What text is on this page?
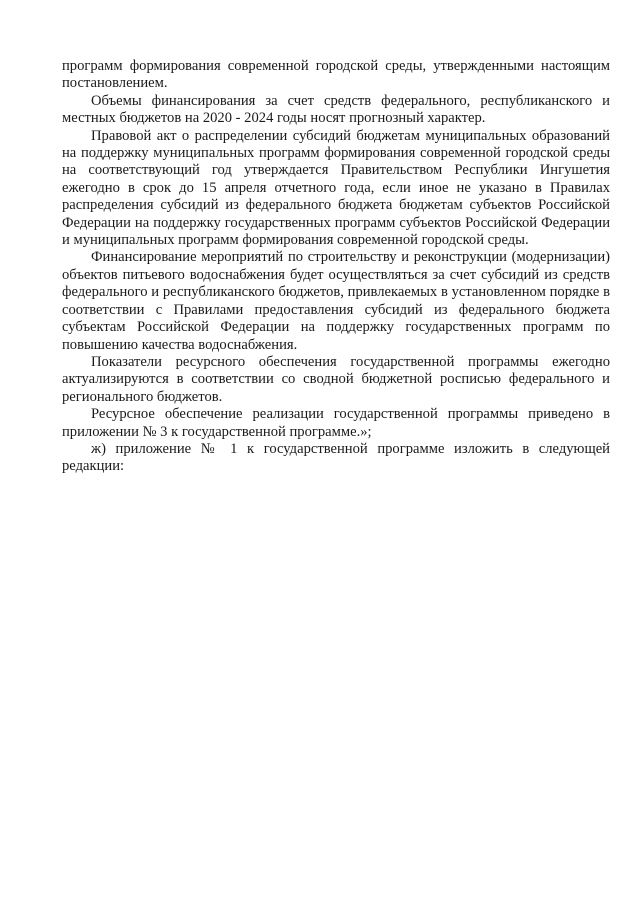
программ формирования современной городской среды, утвержденными настоящим постановлением.

Объемы финансирования за счет средств федерального, республиканского и местных бюджетов на 2020 - 2024 годы носят прогнозный характер.

Правовой акт о распределении субсидий бюджетам муниципальных образований на поддержку муниципальных программ формирования современной городской среды на соответствующий год утверждается Правительством Республики Ингушетия ежегодно в срок до 15 апреля отчетного года, если иное не указано в Правилах распределения субсидий из федерального бюджета бюджетам субъектов Российской Федерации на поддержку государственных программ субъектов Российской Федерации и муниципальных программ формирования современной городской среды.

Финансирование мероприятий по строительству и реконструкции (модернизации) объектов питьевого водоснабжения будет осуществляться за счет субсидий из средств федерального и республиканского бюджетов, привлекаемых в установленном порядке в соответствии с Правилами предоставления субсидий из федерального бюджета субъектам Российской Федерации на поддержку государственных программ по повышению качества водоснабжения.

Показатели ресурсного обеспечения государственной программы ежегодно актуализируются в соответствии со сводной бюджетной росписью федерального и регионального бюджетов.

Ресурсное обеспечение реализации государственной программы приведено в приложении № 3 к государственной программе.»;

ж) приложение № 1 к государственной программе изложить в следующей редакции:
